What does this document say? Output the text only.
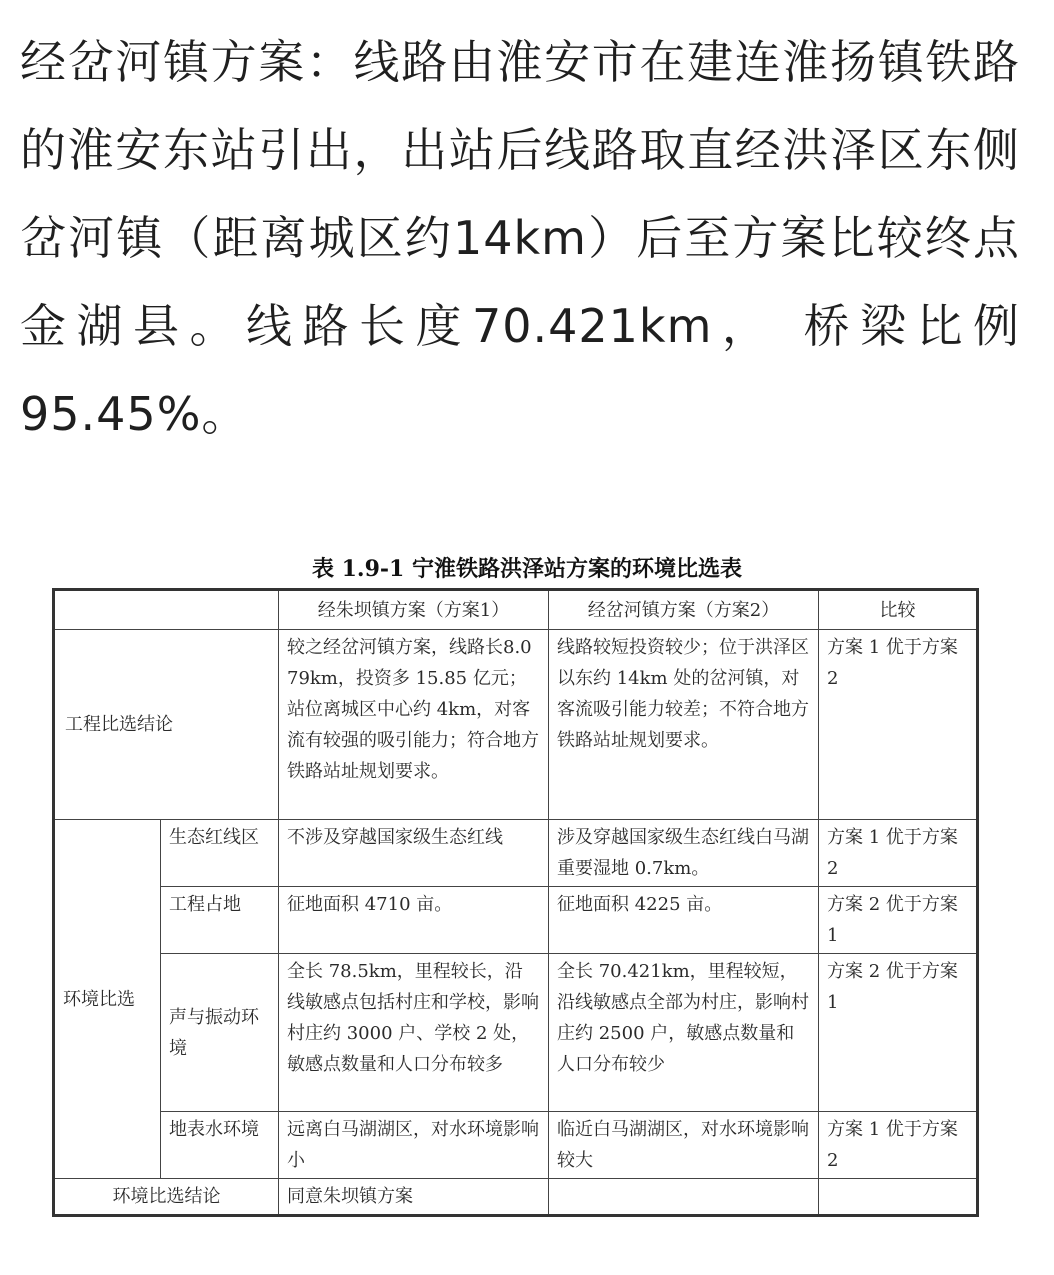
经岔河镇方案：线路由淮安市在建连淮扬镇铁路的淮安东站引出，出站后线路取直经洪泽区东侧岔河镇（距离城区约14km）后至方案比较终点金湖县。线路长度70.421km， 桥梁比例 95.45%。
表 1.9-1 宁淮铁路洪泽站方案的环境比选表
		经朱坝镇方案（方案1）	经岔河镇方案（方案2）	比较
工程比选结论		较之经岔河镇方案，线路长8.079km，投资多 15.85 亿元；站位离城区中心约 4km，对客流有较强的吸引能力；符合地方铁路站址规划要求。	线路较短投资较少；位于洪泽区以东约 14km 处的岔河镇，对客流吸引能力较差；不符合地方铁路站址规划要求。	方案 1 优于方案 2
环境比选	生态红线区	不涉及穿越国家级生态红线	涉及穿越国家级生态红线白马湖重要湿地 0.7km。	方案 1 优于方案 2
	工程占地	征地面积 4710 亩。	征地面积 4225 亩。	方案 2 优于方案 1
	声与振动环境	全长 78.5km，里程较长，沿线敏感点包括村庄和学校，影响村庄约 3000 户、学校 2 处，敏感点数量和人口分布较多	全长 70.421km，里程较短，沿线敏感点全部为村庄，影响村庄约 2500 户，敏感点数量和人口分布较少	方案 2 优于方案 1
	地表水环境	远离白马湖湖区，对水环境影响小	临近白马湖湖区，对水环境影响较大	方案 1 优于方案 2
环境比选结论		同意朱坝镇方案		
